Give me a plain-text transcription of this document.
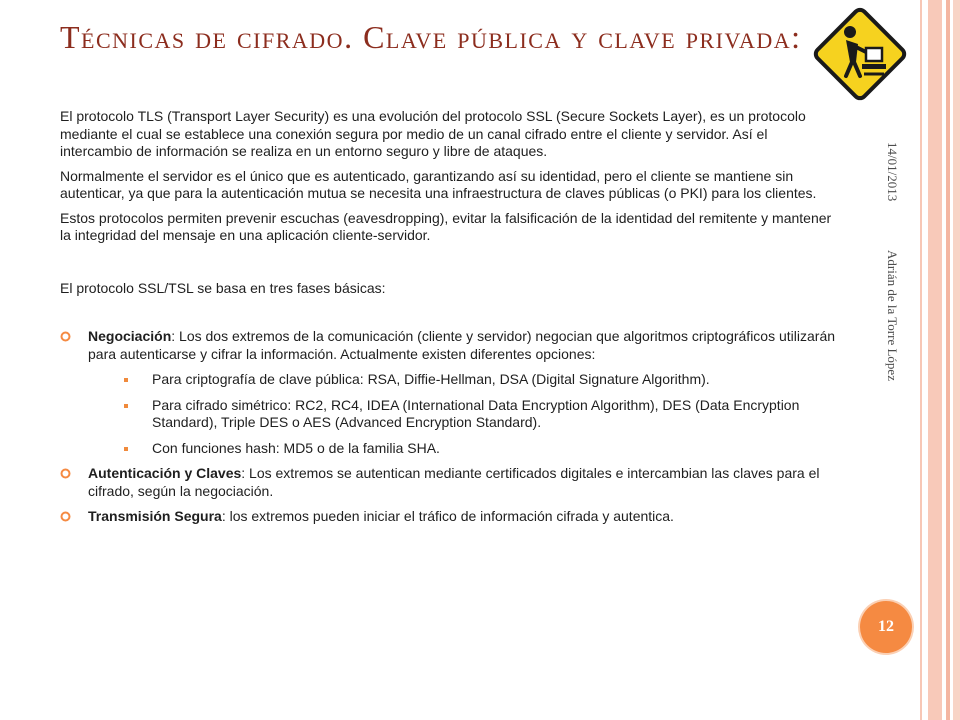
Técnicas de cifrado. Clave pública y clave privada:

El protocolo TLS (Transport Layer Security) es una evolución del protocolo SSL (Secure Sockets Layer), es un protocolo mediante el cual se establece una conexión segura por medio de un canal cifrado entre el cliente y servidor. Así el intercambio de información se realiza en un entorno seguro y libre de ataques.

Normalmente el servidor es el único que es autenticado, garantizando así su identidad, pero el cliente se mantiene sin autenticar, ya que para la autenticación mutua se necesita una infraestructura de claves públicas (o PKI) para los clientes.

Estos protocolos permiten prevenir escuchas (eavesdropping), evitar la falsificación de la identidad del remitente y mantener la integridad del mensaje en una aplicación cliente-servidor.

El protocolo SSL/TSL se basa en tres fases básicas:

Negociación: Los dos extremos de la comunicación (cliente y servidor) negocian que algoritmos criptográficos utilizarán para autenticarse y cifrar la información. Actualmente existen diferentes opciones:
Para criptografía de clave pública: RSA, Diffie-Hellman, DSA (Digital Signature Algorithm).
Para cifrado simétrico: RC2, RC4, IDEA (International Data Encryption Algorithm), DES (Data Encryption Standard), Triple DES o AES (Advanced Encryption Standard).
Con funciones hash: MD5 o de la familia SHA.
Autenticación y Claves: Los extremos se autentican mediante certificados digitales e intercambian las claves para el cifrado, según la negociación.
Transmisión Segura: los extremos pueden iniciar el tráfico de información cifrada y autentica.
14/01/2013
Adrián de la Torre López
12
